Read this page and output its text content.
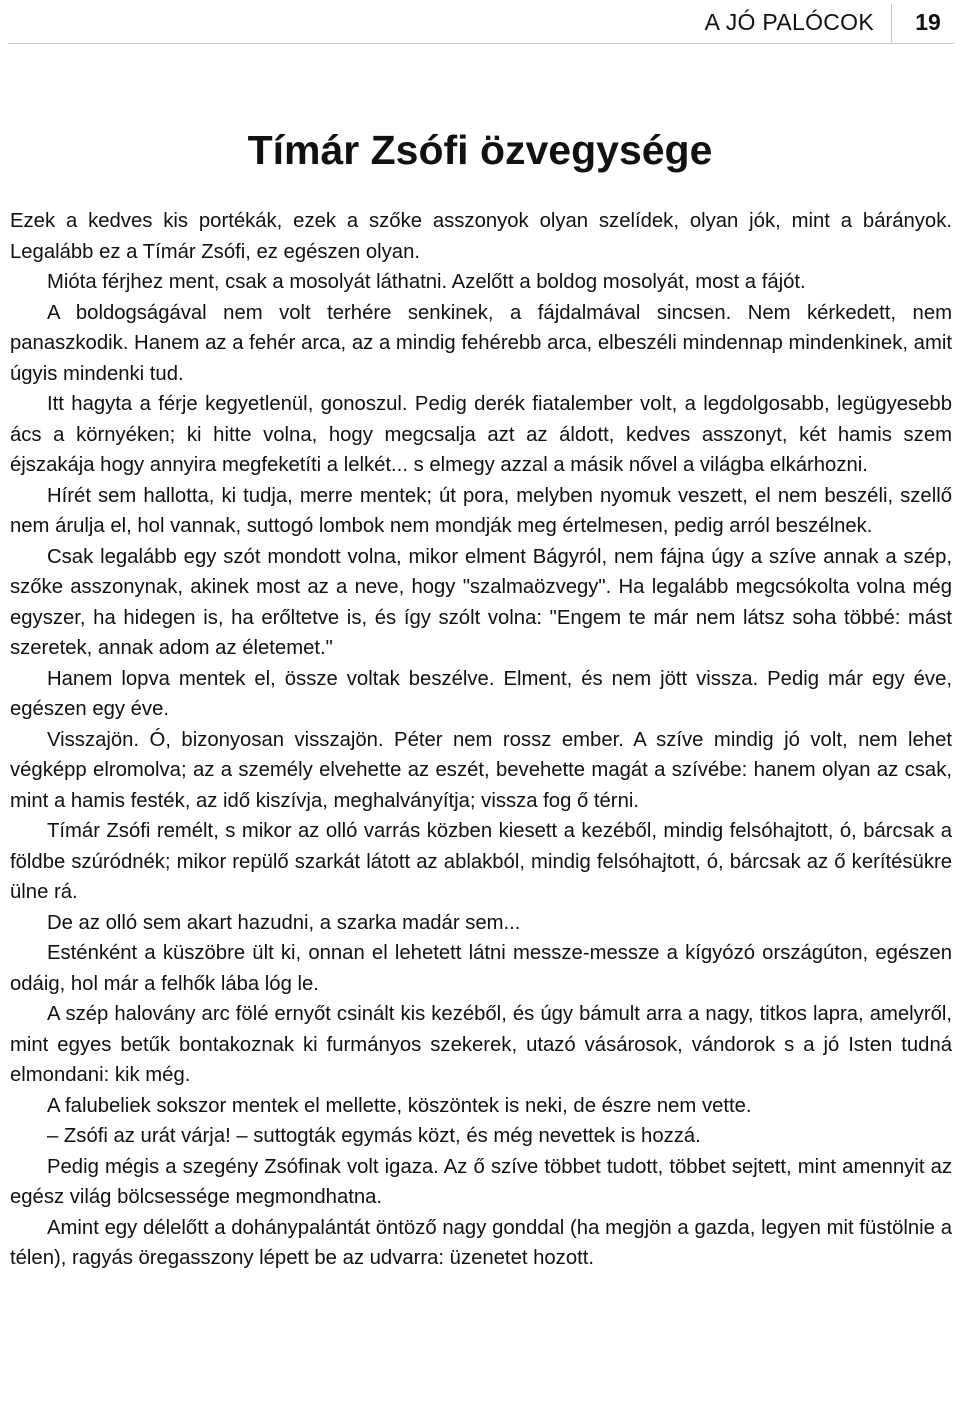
A JÓ PALÓCOK	19
Tímár Zsófi özvegysége

Ezek a kedves kis portékák, ezek a szőke asszonyok olyan szelídek, olyan jók, mint a bárányok. Legalább ez a Tímár Zsófi, ez egészen olyan.

Mióta férjhez ment, csak a mosolyát láthatni. Azelőtt a boldog mosolyát, most a fájót.

A boldogságával nem volt terhére senkinek, a fájdalmával sincsen. Nem kérkedett, nem panaszkodik. Hanem az a fehér arca, az a mindig fehérebb arca, elbeszéli mindennap mindenkinek, amit úgyis mindenki tud.

Itt hagyta a férje kegyetlenül, gonoszul. Pedig derék fiatalember volt, a legdolgosabb, legügyesebb ács a környéken; ki hitte volna, hogy megcsalja azt az áldott, kedves asszonyt, két hamis szem éjszakája hogy annyira megfeketíti a lelkét... s elmegy azzal a másik nővel a világba elkárhozni.

Hírét sem hallotta, ki tudja, merre mentek; út pora, melyben nyomuk veszett, el nem beszéli, szellő nem árulja el, hol vannak, suttogó lombok nem mondják meg értelmesen, pedig arról beszélnek.

Csak legalább egy szót mondott volna, mikor elment Bágyról, nem fájna úgy a szíve annak a szép, szőke asszonynak, akinek most az a neve, hogy "szalmaözvegy". Ha legalább megcsókolta volna még egyszer, ha hidegen is, ha erőltetve is, és így szólt volna: "Engem te már nem látsz soha többé: mást szeretek, annak adom az életemet."

Hanem lopva mentek el, össze voltak beszélve. Elment, és nem jött vissza. Pedig már egy éve, egészen egy éve.

Visszajön. Ó, bizonyosan visszajön. Péter nem rossz ember. A szíve mindig jó volt, nem lehet végképp elromolva; az a személy elvehette az eszét, bevehette magát a szívébe: hanem olyan az csak, mint a hamis festék, az idő kiszívja, meghalványítja; vissza fog ő térni.

Tímár Zsófi remélt, s mikor az olló varrás közben kiesett a kezéből, mindig felsóhajtott, ó, bárcsak a földbe szúródnék; mikor repülő szarkát látott az ablakból, mindig felsóhajtott, ó, bárcsak az ő kerítésükre ülne rá.

De az olló sem akart hazudni, a szarka madár sem...

Esténként a küszöbre ült ki, onnan el lehetett látni messze-messze a kígyózó országúton, egészen odáig, hol már a felhők lába lóg le.

A szép halovány arc fölé ernyőt csinált kis kezéből, és úgy bámult arra a nagy, titkos lapra, amelyről, mint egyes betűk bontakoznak ki furmányos szekerek, utazó vásárosok, vándorok s a jó Isten tudná elmondani: kik még.

A falubeliek sokszor mentek el mellette, köszöntek is neki, de észre nem vette.

– Zsófi az urát várja! – suttogták egymás közt, és még nevettek is hozzá.

Pedig mégis a szegény Zsófinak volt igaza. Az ő szíve többet tudott, többet sejtett, mint amennyit az egész világ bölcsessége megmondhatna.

Amint egy délelőtt a dohánypalántát öntöző nagy gonddal (ha megjön a gazda, legyen mit füstölnie a télen), ragyás öregasszony lépett be az udvarra: üzenetet hozott.
